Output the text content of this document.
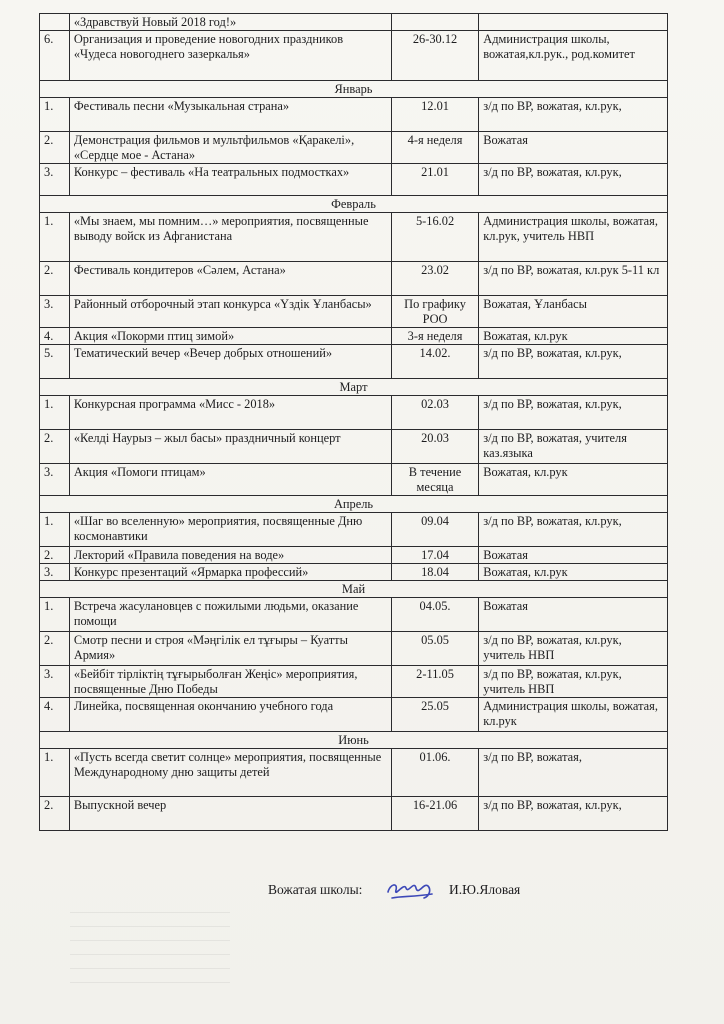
	«Здравствуй Новый 2018 год!»		
6.	Организация и проведение новогодних праздников «Чудеса новогоднего зазеркалья»	26-30.12	Администрация школы, вожатая,кл.рук., род.комитет
Январь			
1.	Фестиваль песни «Музыкальная страна»	12.01	з/д по ВР, вожатая, кл.рук,
2.	Демонстрация фильмов и мультфильмов «Қаракелі», «Сердце мое - Астана»	4-я неделя	Вожатая
3.	Конкурс – фестиваль «На театральных подмостках»	21.01	з/д по ВР, вожатая, кл.рук,
Февраль			
1.	«Мы знаем, мы помним…» мероприятия, посвященные выводу войск из Афганистана	5-16.02	Администрация школы, вожатая, кл.рук, учитель НВП
2.	Фестиваль кондитеров «Сәлем, Астана»	23.02	з/д по ВР, вожатая, кл.рук 5-11 кл
3.	Районный отборочный этап конкурса «Үздік Ұланбасы»	По графику РОО	Вожатая, Ұланбасы
4.	Акция «Покорми птиц зимой»	3-я неделя	Вожатая, кл.рук
5.	Тематический вечер «Вечер добрых отношений»	14.02.	з/д по ВР, вожатая, кл.рук,
Март			
1.	Конкурсная программа «Мисс - 2018»	02.03	з/д по ВР, вожатая, кл.рук,
2.	«Келді Наурыз – жыл басы» праздничный концерт	20.03	з/д по ВР, вожатая, учителя каз.языка
3.	Акция «Помоги птицам»	В течение месяца	Вожатая, кл.рук
Апрель			
1.	«Шаг во вселенную» мероприятия, посвященные Дню космонавтики	09.04	з/д по ВР, вожатая, кл.рук,
2.	Лекторий «Правила поведения на воде»	17.04	Вожатая
3.	Конкурс презентаций «Ярмарка профессий»	18.04	Вожатая, кл.рук
Май			
1.	Встреча жасулановцев с пожилыми людьми, оказание помощи	04.05.	Вожатая
2.	Смотр песни и строя «Мәңгілік ел тұғыры – Куатты Армия»	05.05	з/д по ВР, вожатая, кл.рук, учитель НВП
3.	«Бейбіт тірліктің тұғырыболған Жеңіс» мероприятия, посвященные Дню Победы	2-11.05	з/д по ВР, вожатая, кл.рук, учитель НВП
4.	Линейка, посвященная окончанию учебного года	25.05	Администрация школы, вожатая, кл.рук
Июнь			
1.	«Пусть всегда светит солнце» мероприятия, посвященные Международному дню защиты детей	01.06.	з/д по ВР, вожатая,
2.	Выпускной вечер	16-21.06	з/д по ВР, вожатая, кл.рук,
Вожатая школы:	И.Ю.Яловая
